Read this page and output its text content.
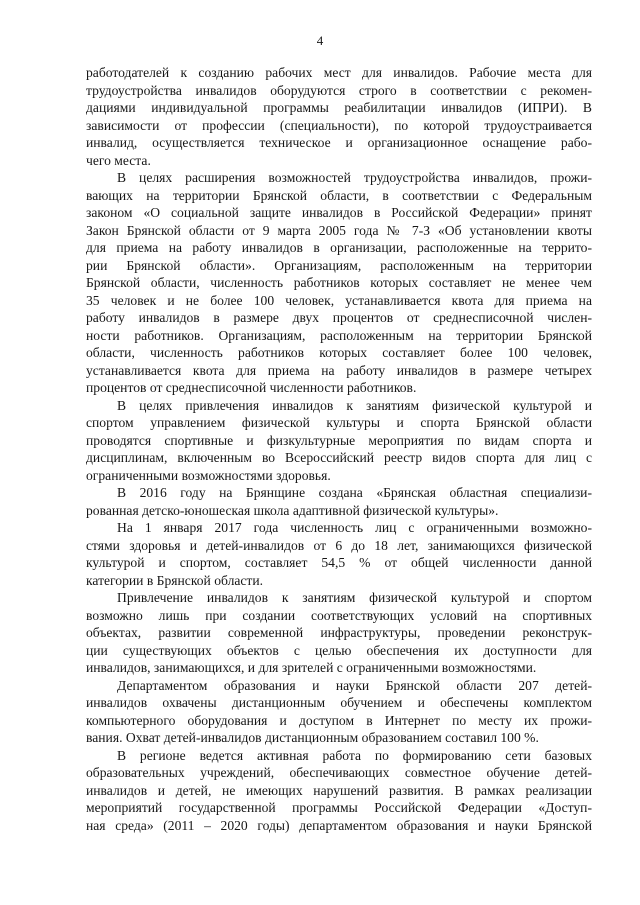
4
работодателей к созданию рабочих мест для инвалидов. Рабочие места для
трудоустройства инвалидов оборудуются строго в соответствии с рекомен-
дациями индивидуальной программы реабилитации инвалидов (ИПРИ). В
зависимости от профессии (специальности), по которой трудоустраивается
инвалид, осуществляется техническое и организационное оснащение рабо-
чего места.
В целях расширения возможностей трудоустройства инвалидов, прожи-
вающих на территории Брянской области, в соответствии с Федеральным
законом «О социальной защите инвалидов в Российской Федерации» принят
Закон Брянской области от 9 марта 2005 года № 7-З «Об установлении квоты
для приема на работу инвалидов в организации, расположенные на террито-
рии Брянской области». Организациям, расположенным на территории
Брянской области, численность работников которых составляет не менее чем
35 человек и не более 100 человек, устанавливается квота для приема на
работу инвалидов в размере двух процентов от среднесписочной числен-
ности работников. Организациям, расположенным на территории Брянской
области, численность работников которых составляет более 100 человек,
устанавливается квота для приема на работу инвалидов в размере четырех
процентов от среднесписочной численности работников.
В целях привлечения инвалидов к занятиям физической культурой и
спортом управлением физической культуры и спорта Брянской области
проводятся спортивные и физкультурные мероприятия по видам спорта и
дисциплинам, включенным во Всероссийский реестр видов спорта для лиц с
ограниченными возможностями здоровья.
В 2016 году на Брянщине создана «Брянская областная специализи-
рованная детско-юношеская школа адаптивной физической культуры».
На 1 января 2017 года численность лиц с ограниченными возможно-
стями здоровья и детей-инвалидов от 6 до 18 лет, занимающихся физической
культурой и спортом, составляет 54,5 % от общей численности данной
категории в Брянской области.
Привлечение инвалидов к занятиям физической культурой и спортом
возможно лишь при создании соответствующих условий на спортивных
объектах, развитии современной инфраструктуры, проведении реконструк-
ции существующих объектов с целью обеспечения их доступности для
инвалидов, занимающихся, и для зрителей с ограниченными возможностями.
Департаментом образования и науки Брянской области 207 детей-
инвалидов охвачены дистанционным обучением и обеспечены комплектом
компьютерного оборудования и доступом в Интернет по месту их прожи-
вания. Охват детей-инвалидов дистанционным образованием составил 100 %.
В регионе ведется активная работа по формированию сети базовых
образовательных учреждений, обеспечивающих совместное обучение детей-
инвалидов и детей, не имеющих нарушений развития. В рамках реализации
мероприятий государственной программы Российской Федерации «Доступ-
ная среда» (2011 – 2020 годы) департаментом образования и науки Брянской
